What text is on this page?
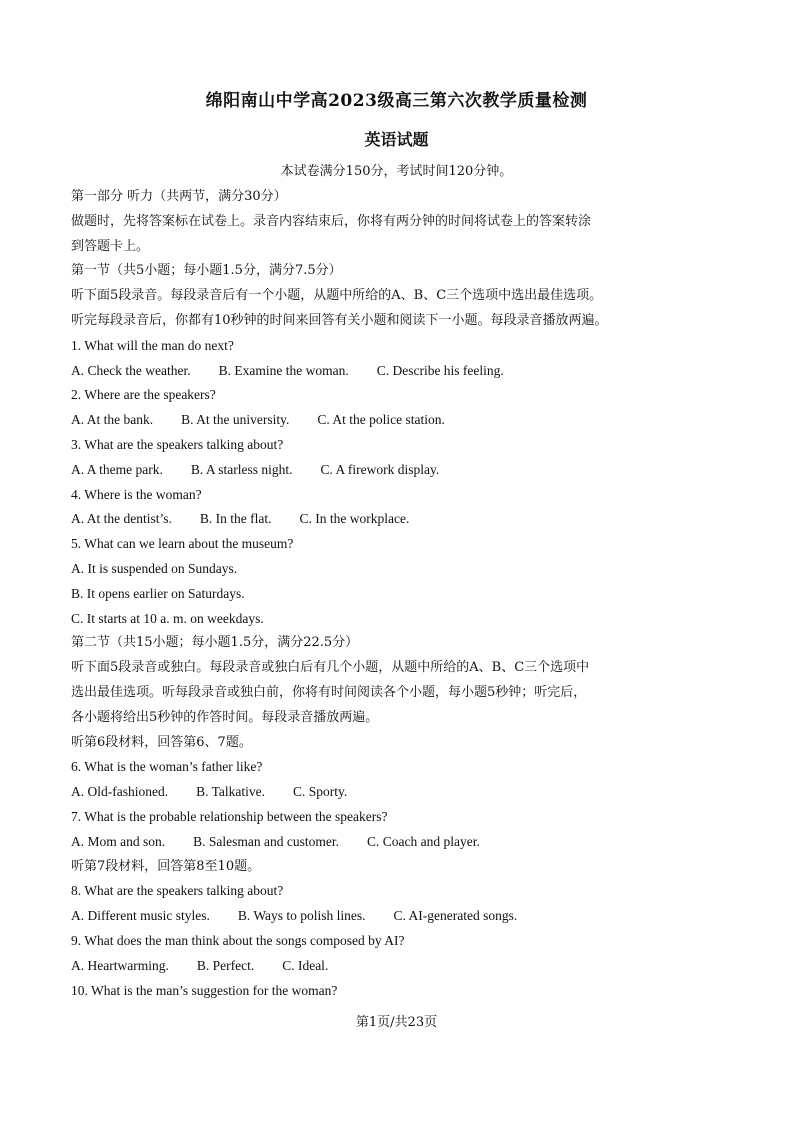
绵阳南山中学高2023级高三第六次教学质量检测
英语试题
本试卷满分150分，考试时间120分钟。
第一部分 听力（共两节，满分30分）
做题时，先将答案标在试卷上。录音内容结束后，你将有两分钟的时间将试卷上的答案转涂
到答题卡上。
第一节（共5小题；每小题1.5分，满分7.5分）
听下面5段录音。每段录音后有一个小题，从题中所给的A、B、C三个选项中选出最佳选项。
听完每段录音后，你都有10秒钟的时间来回答有关小题和阅读下一小题。每段录音播放两遍。
1. What will the man do next?
A. Check the weather. B. Examine the woman. C. Describe his feeling.
2. Where are the speakers?
A. At the bank. B. At the university. C. At the police station.
3. What are the speakers talking about?
A. A theme park. B. A starless night. C. A firework display.
4. Where is the woman?
A. At the dentist’s. B. In the flat. C. In the workplace.
5. What can we learn about the museum?
A. It is suspended on Sundays.
B. It opens earlier on Saturdays.
C. It starts at 10 a. m. on weekdays.
第二节（共15小题；每小题1.5分，满分22.5分）
听下面5段录音或独白。每段录音或独白后有几个小题，从题中所给的A、B、C三个选项中
选出最佳选项。听每段录音或独白前，你将有时间阅读各个小题，每小题5秒钟；听完后，
各小题将给出5秒钟的作答时间。每段录音播放两遍。
听第6段材料，回答第6、7题。
6. What is the woman’s father like?
A. Old-fashioned. B. Talkative. C. Sporty.
7. What is the probable relationship between the speakers?
A. Mom and son. B. Salesman and customer. C. Coach and player.
听第7段材料，回答第8至10题。
8. What are the speakers talking about?
A. Different music styles. B. Ways to polish lines. C. AI-generated songs.
9. What does the man think about the songs composed by AI?
A. Heartwarming. B. Perfect. C. Ideal.
10. What is the man’s suggestion for the woman?
第1页/共23页
